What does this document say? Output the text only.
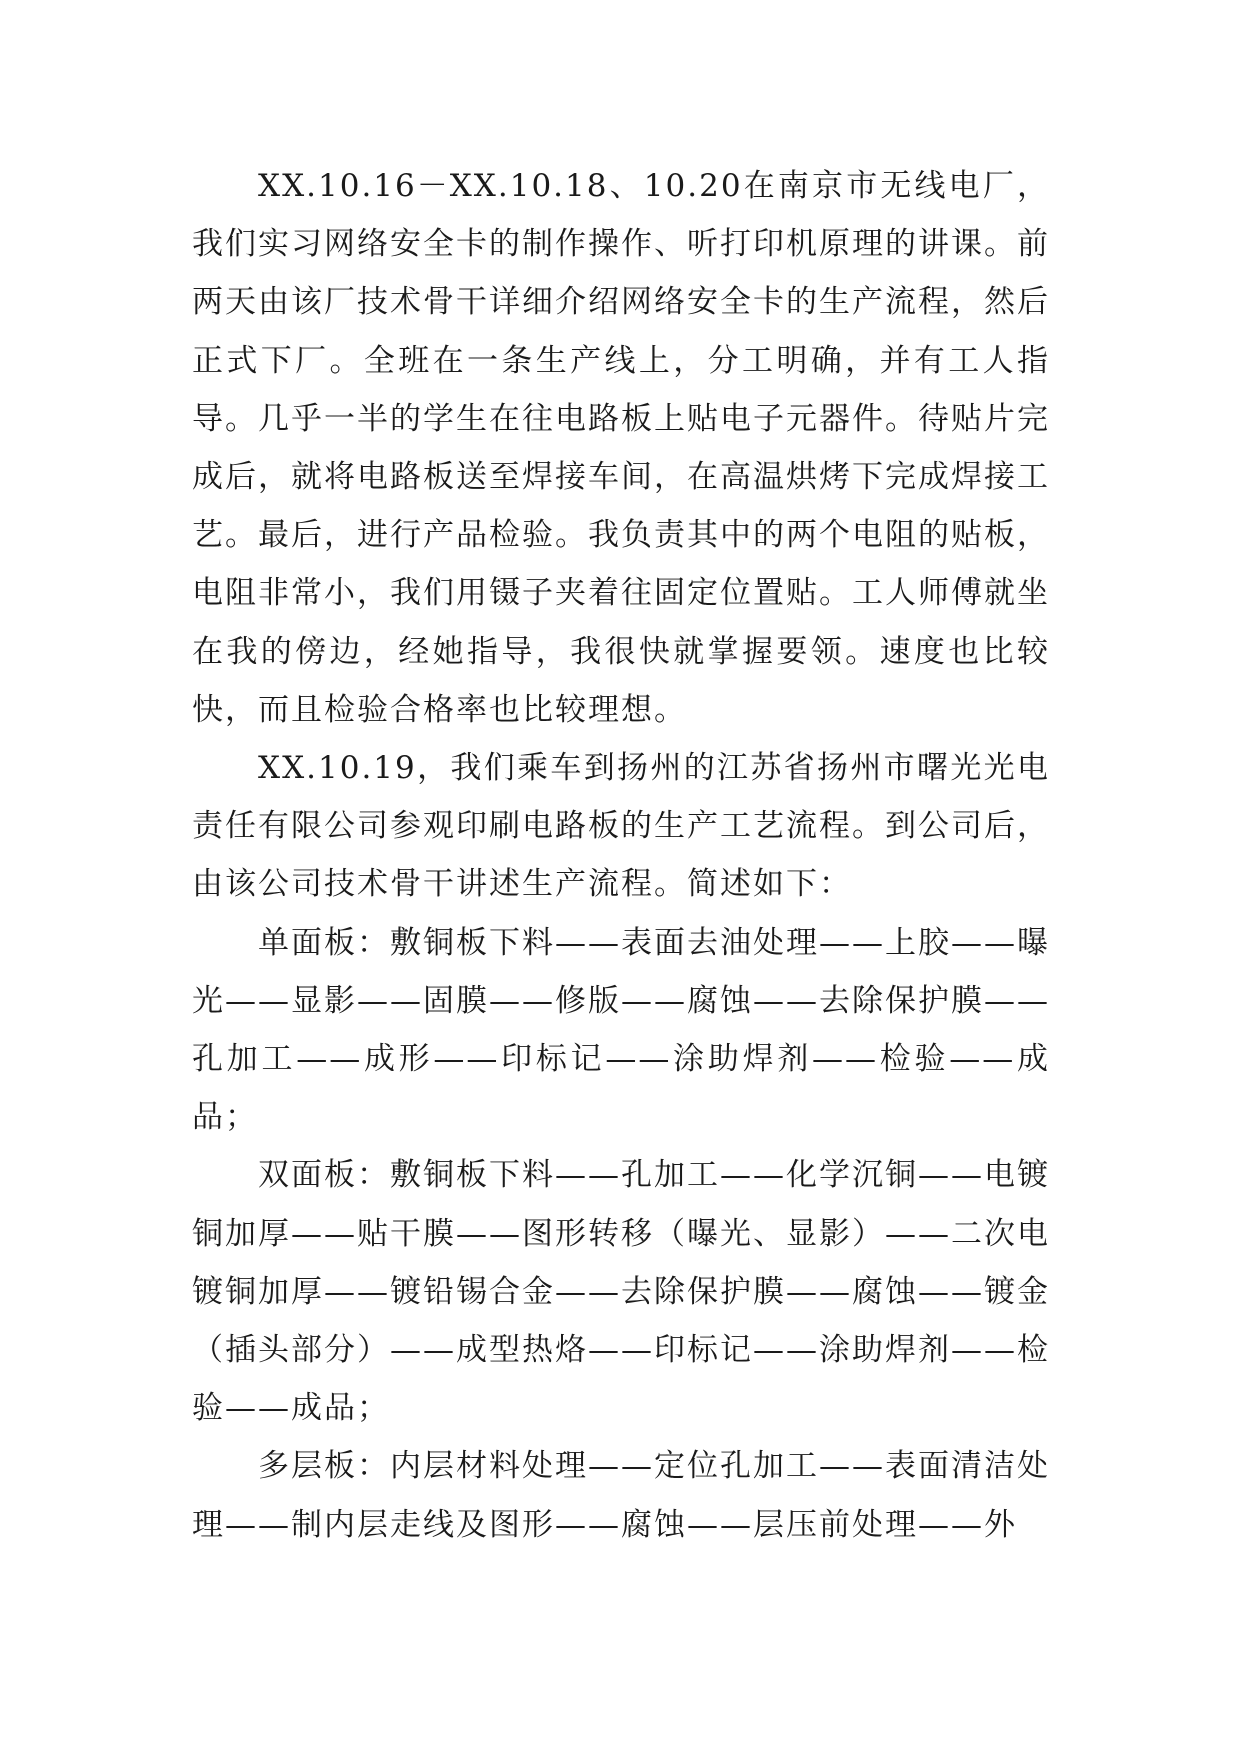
XX.10.16－XX.10.18、10.20在南京市无线电厂，我们实习网络安全卡的制作操作、听打印机原理的讲课。前两天由该厂技术骨干详细介绍网络安全卡的生产流程，然后正式下厂。全班在一条生产线上，分工明确，并有工人指导。几乎一半的学生在往电路板上贴电子元器件。待贴片完成后，就将电路板送至焊接车间，在高温烘烤下完成焊接工艺。最后，进行产品检验。我负责其中的两个电阻的贴板，电阻非常小，我们用镊子夹着往固定位置贴。工人师傅就坐在我的傍边，经她指导，我很快就掌握要领。速度也比较快，而且检验合格率也比较理想。

XX.10.19，我们乘车到扬州的江苏省扬州市曙光光电责任有限公司参观印刷电路板的生产工艺流程。到公司后，由该公司技术骨干讲述生产流程。简述如下：

单面板：敷铜板下料——表面去油处理——上胶——曝光——显影——固膜——修版——腐蚀——去除保护膜——孔加工——成形——印标记——涂助焊剂——检验——成品；

双面板：敷铜板下料——孔加工——化学沉铜——电镀铜加厚——贴干膜——图形转移（曝光、显影）——二次电镀铜加厚——镀铅锡合金——去除保护膜——腐蚀——镀金（插头部分）——成型热烙——印标记——涂助焊剂——检验——成品；

多层板：内层材料处理——定位孔加工——表面清洁处理——制内层走线及图形——腐蚀——层压前处理——外
